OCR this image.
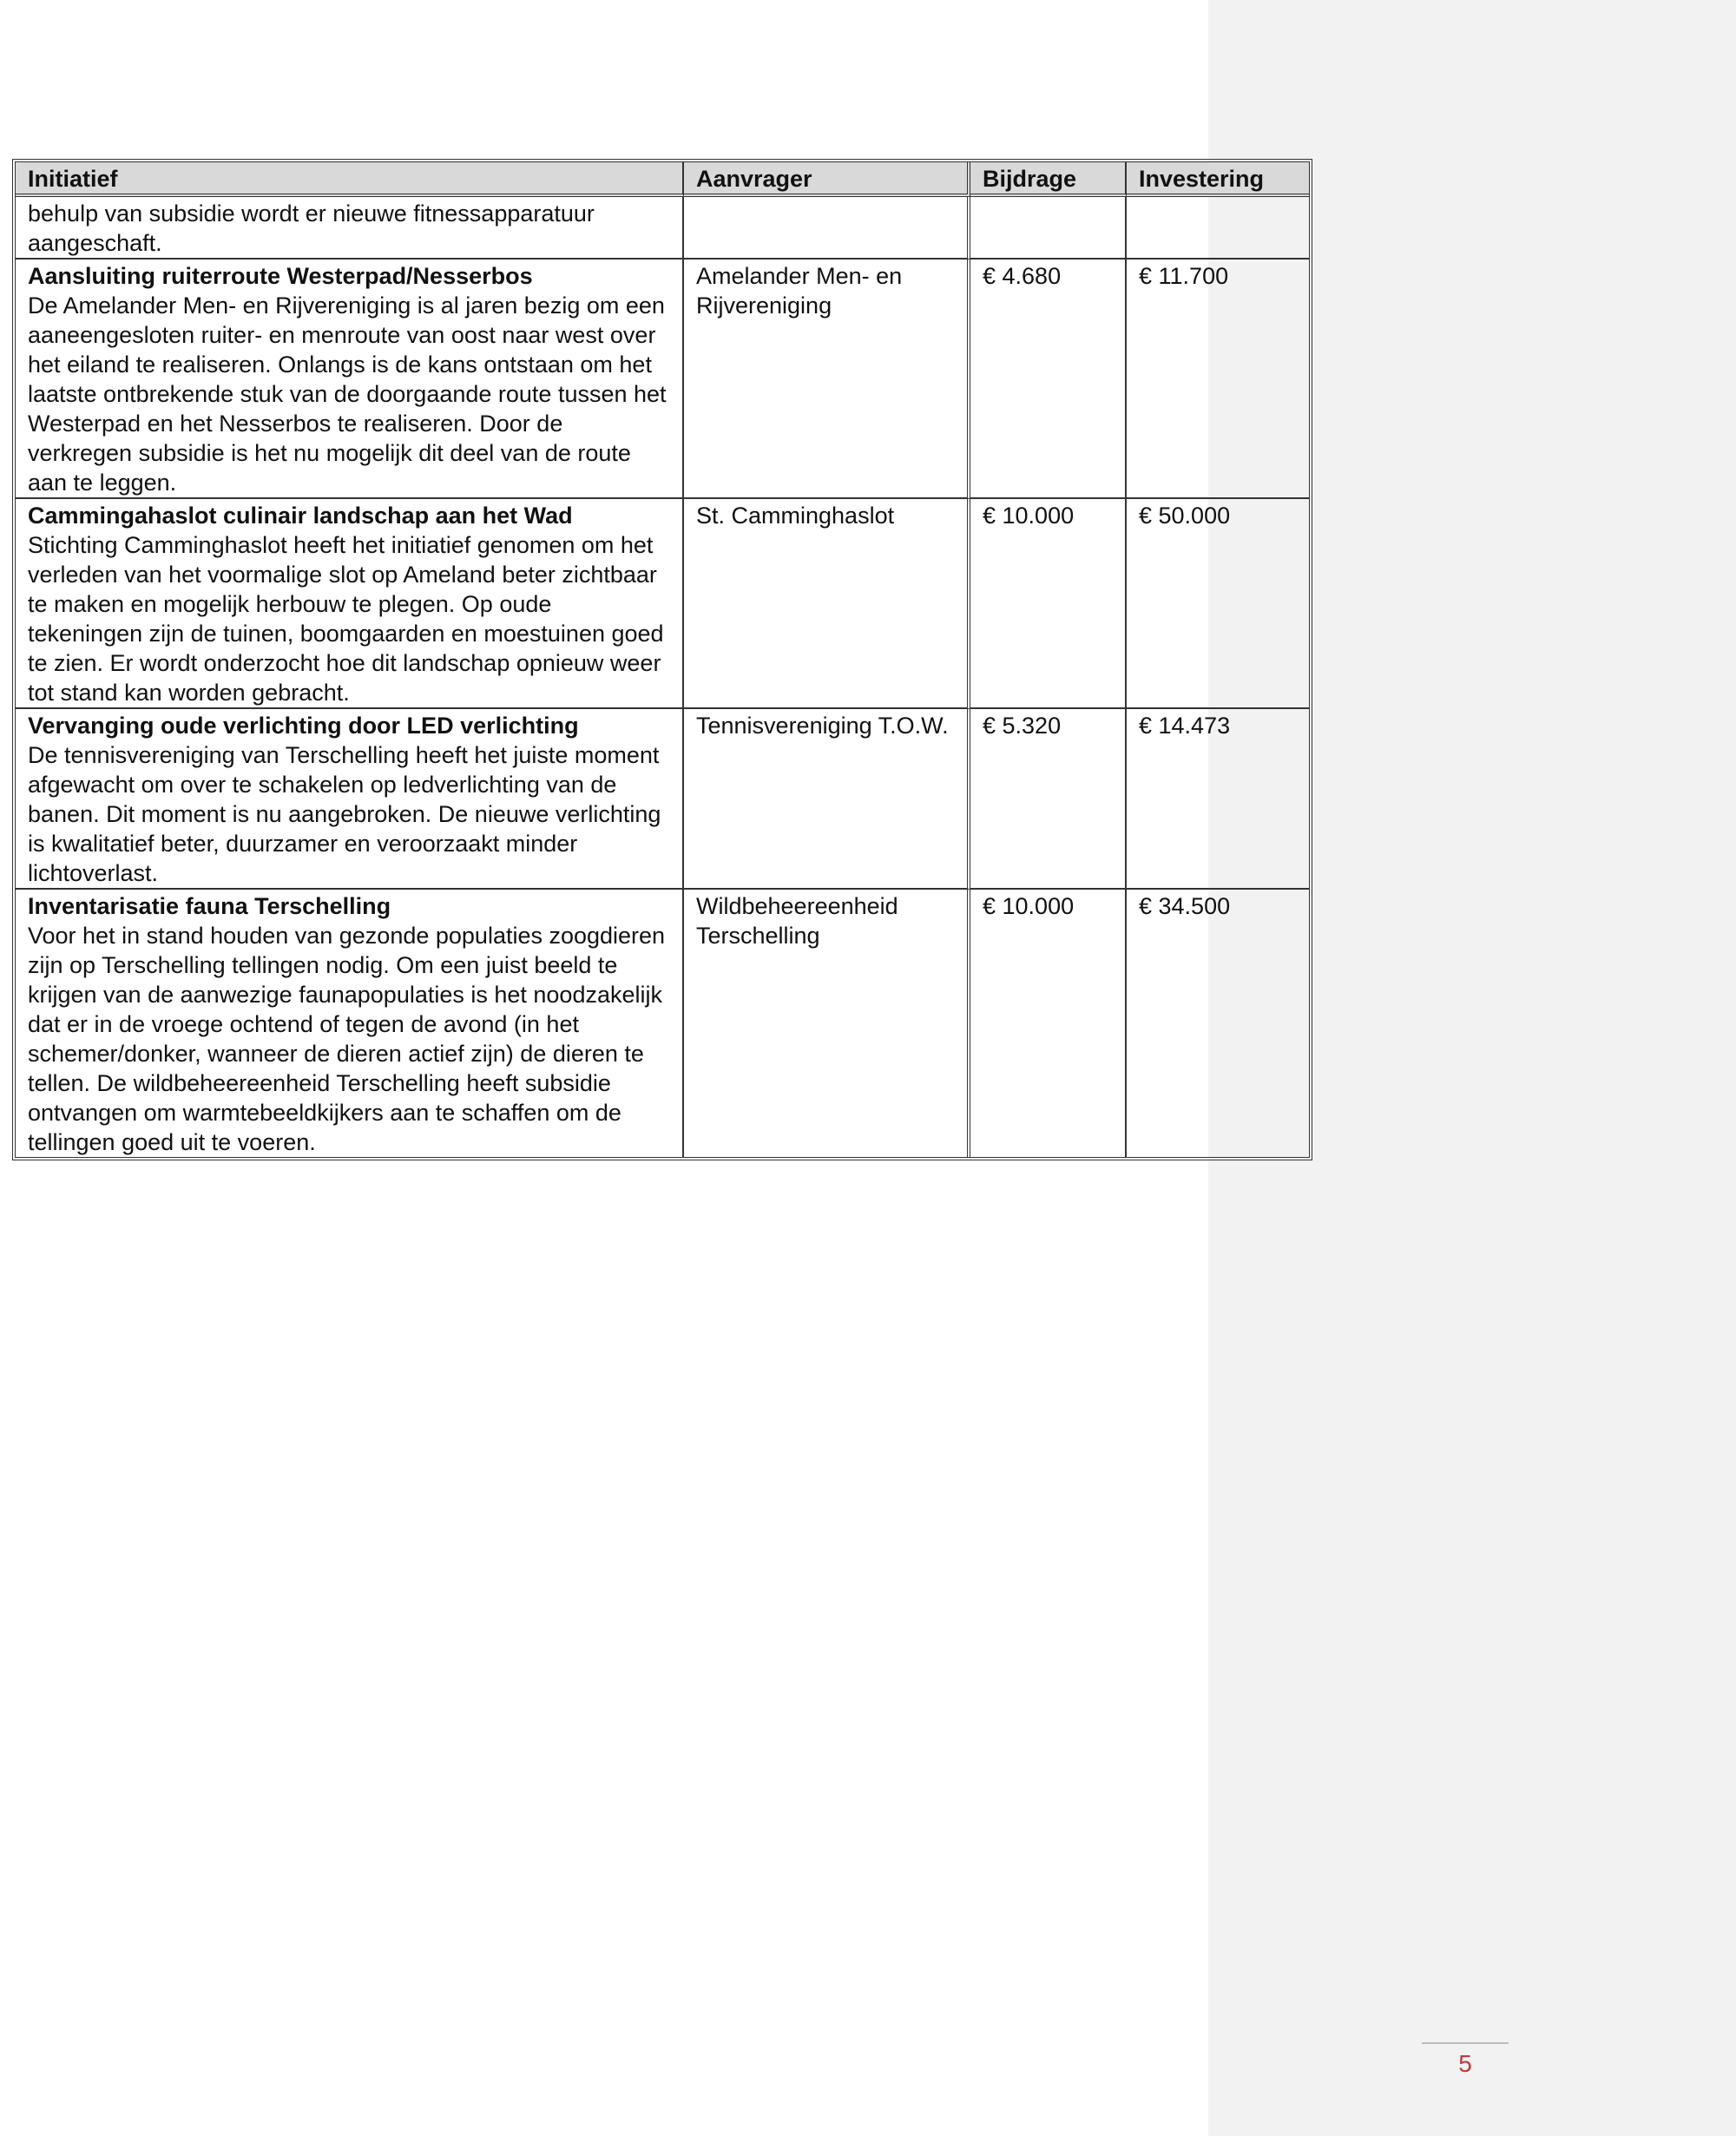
Initiatief	Aanvrager	Bijdrage	Investering

behulp van subsidie wordt er nieuwe fitnessapparatuur aangeschaft.			

Aansluiting ruiterroute Westerpad/Nesserbos
De Amelander Men- en Rijvereniging is al jaren bezig om een aaneengesloten ruiter- en menroute van oost naar west over het eiland te realiseren. Onlangs is de kans ontstaan om het laatste ontbrekende stuk van de doorgaande route tussen het Westerpad en het Nesserbos te realiseren. Door de verkregen subsidie is het nu mogelijk dit deel van de route aan te leggen.	Amelander Men- en Rijvereniging	€ 4.680	€ 11.700

Cammingahaslot culinair landschap aan het Wad
Stichting Camminghaslot heeft het initiatief genomen om het verleden van het voormalige slot op Ameland beter zichtbaar te maken en mogelijk herbouw te plegen. Op oude tekeningen zijn de tuinen, boomgaarden en moestuinen goed te zien. Er wordt onderzocht hoe dit landschap opnieuw weer tot stand kan worden gebracht.	St. Camminghaslot	€ 10.000	€ 50.000

Vervanging oude verlichting door LED verlichting
De tennisvereniging van Terschelling heeft het juiste moment afgewacht om over te schakelen op ledverlichting van de banen. Dit moment is nu aangebroken. De nieuwe verlichting is kwalitatief beter, duurzamer en veroorzaakt minder lichtoverlast.	Tennisvereniging T.O.W.	€ 5.320	€ 14.473

Inventarisatie fauna Terschelling
Voor het in stand houden van gezonde populaties zoogdieren zijn op Terschelling tellingen nodig. Om een juist beeld te krijgen van de aanwezige faunapopulaties is het noodzakelijk dat er in de vroege ochtend of tegen de avond (in het schemer/donker, wanneer de dieren actief zijn) de dieren te tellen. De wildbeheereenheid Terschelling heeft subsidie ontvangen om warmtebeeldkijkers aan te schaffen om de tellingen goed uit te voeren.	Wildbeheereenheid Terschelling	€ 10.000	€ 34.500
5
